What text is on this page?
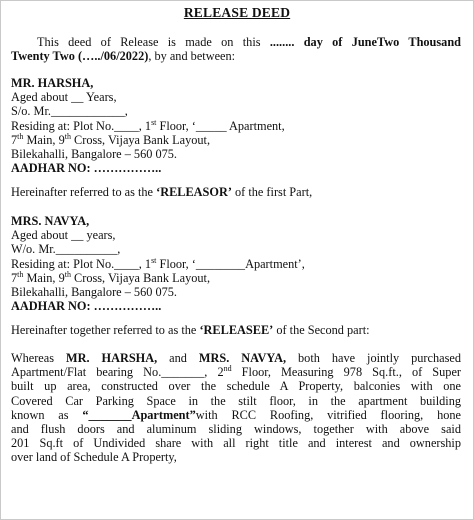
RELEASE DEED
This deed of Release is made on this ........ day of JuneTwo Thousand
Twenty Two (…../06/2022), by and between:
MR. HARSHA,
Aged about __ Years,
S/o. Mr.____________,
Residing at: Plot No.____, 1st Floor, ‘_____ Apartment,
7th Main, 9th Cross, Vijaya Bank Layout,
Bilekahalli, Bangalore – 560 075.
AADHAR NO: ……………..
Hereinafter referred to as the ‘RELEASOR’ of the first Part,
MRS. NAVYA,
Aged about __ years,
W/o. Mr.__________,
Residing at: Plot No.____, 1st Floor, ‘________Apartment’,
7th Main, 9th Cross, Vijaya Bank Layout,
Bilekahalli, Bangalore – 560 075.
AADHAR NO: ……………..
Hereinafter together referred to as the ‘RELEASEE’ of the Second part:
Whereas MR. HARSHA, and MRS. NAVYA, both have jointly purchased
Apartment/Flat bearing No._______, 2nd Floor, Measuring 978 Sq.ft., of Super
built up area, constructed over the schedule A Property, balconies with one
Covered Car Parking Space in the stilt floor, in the apartment building
known as “_______Apartment”with RCC Roofing, vitrified flooring, hone
and flush doors and aluminum sliding windows, together with above said
201 Sq.ft of Undivided share with all right title and interest and ownership
over land of Schedule A Property,
